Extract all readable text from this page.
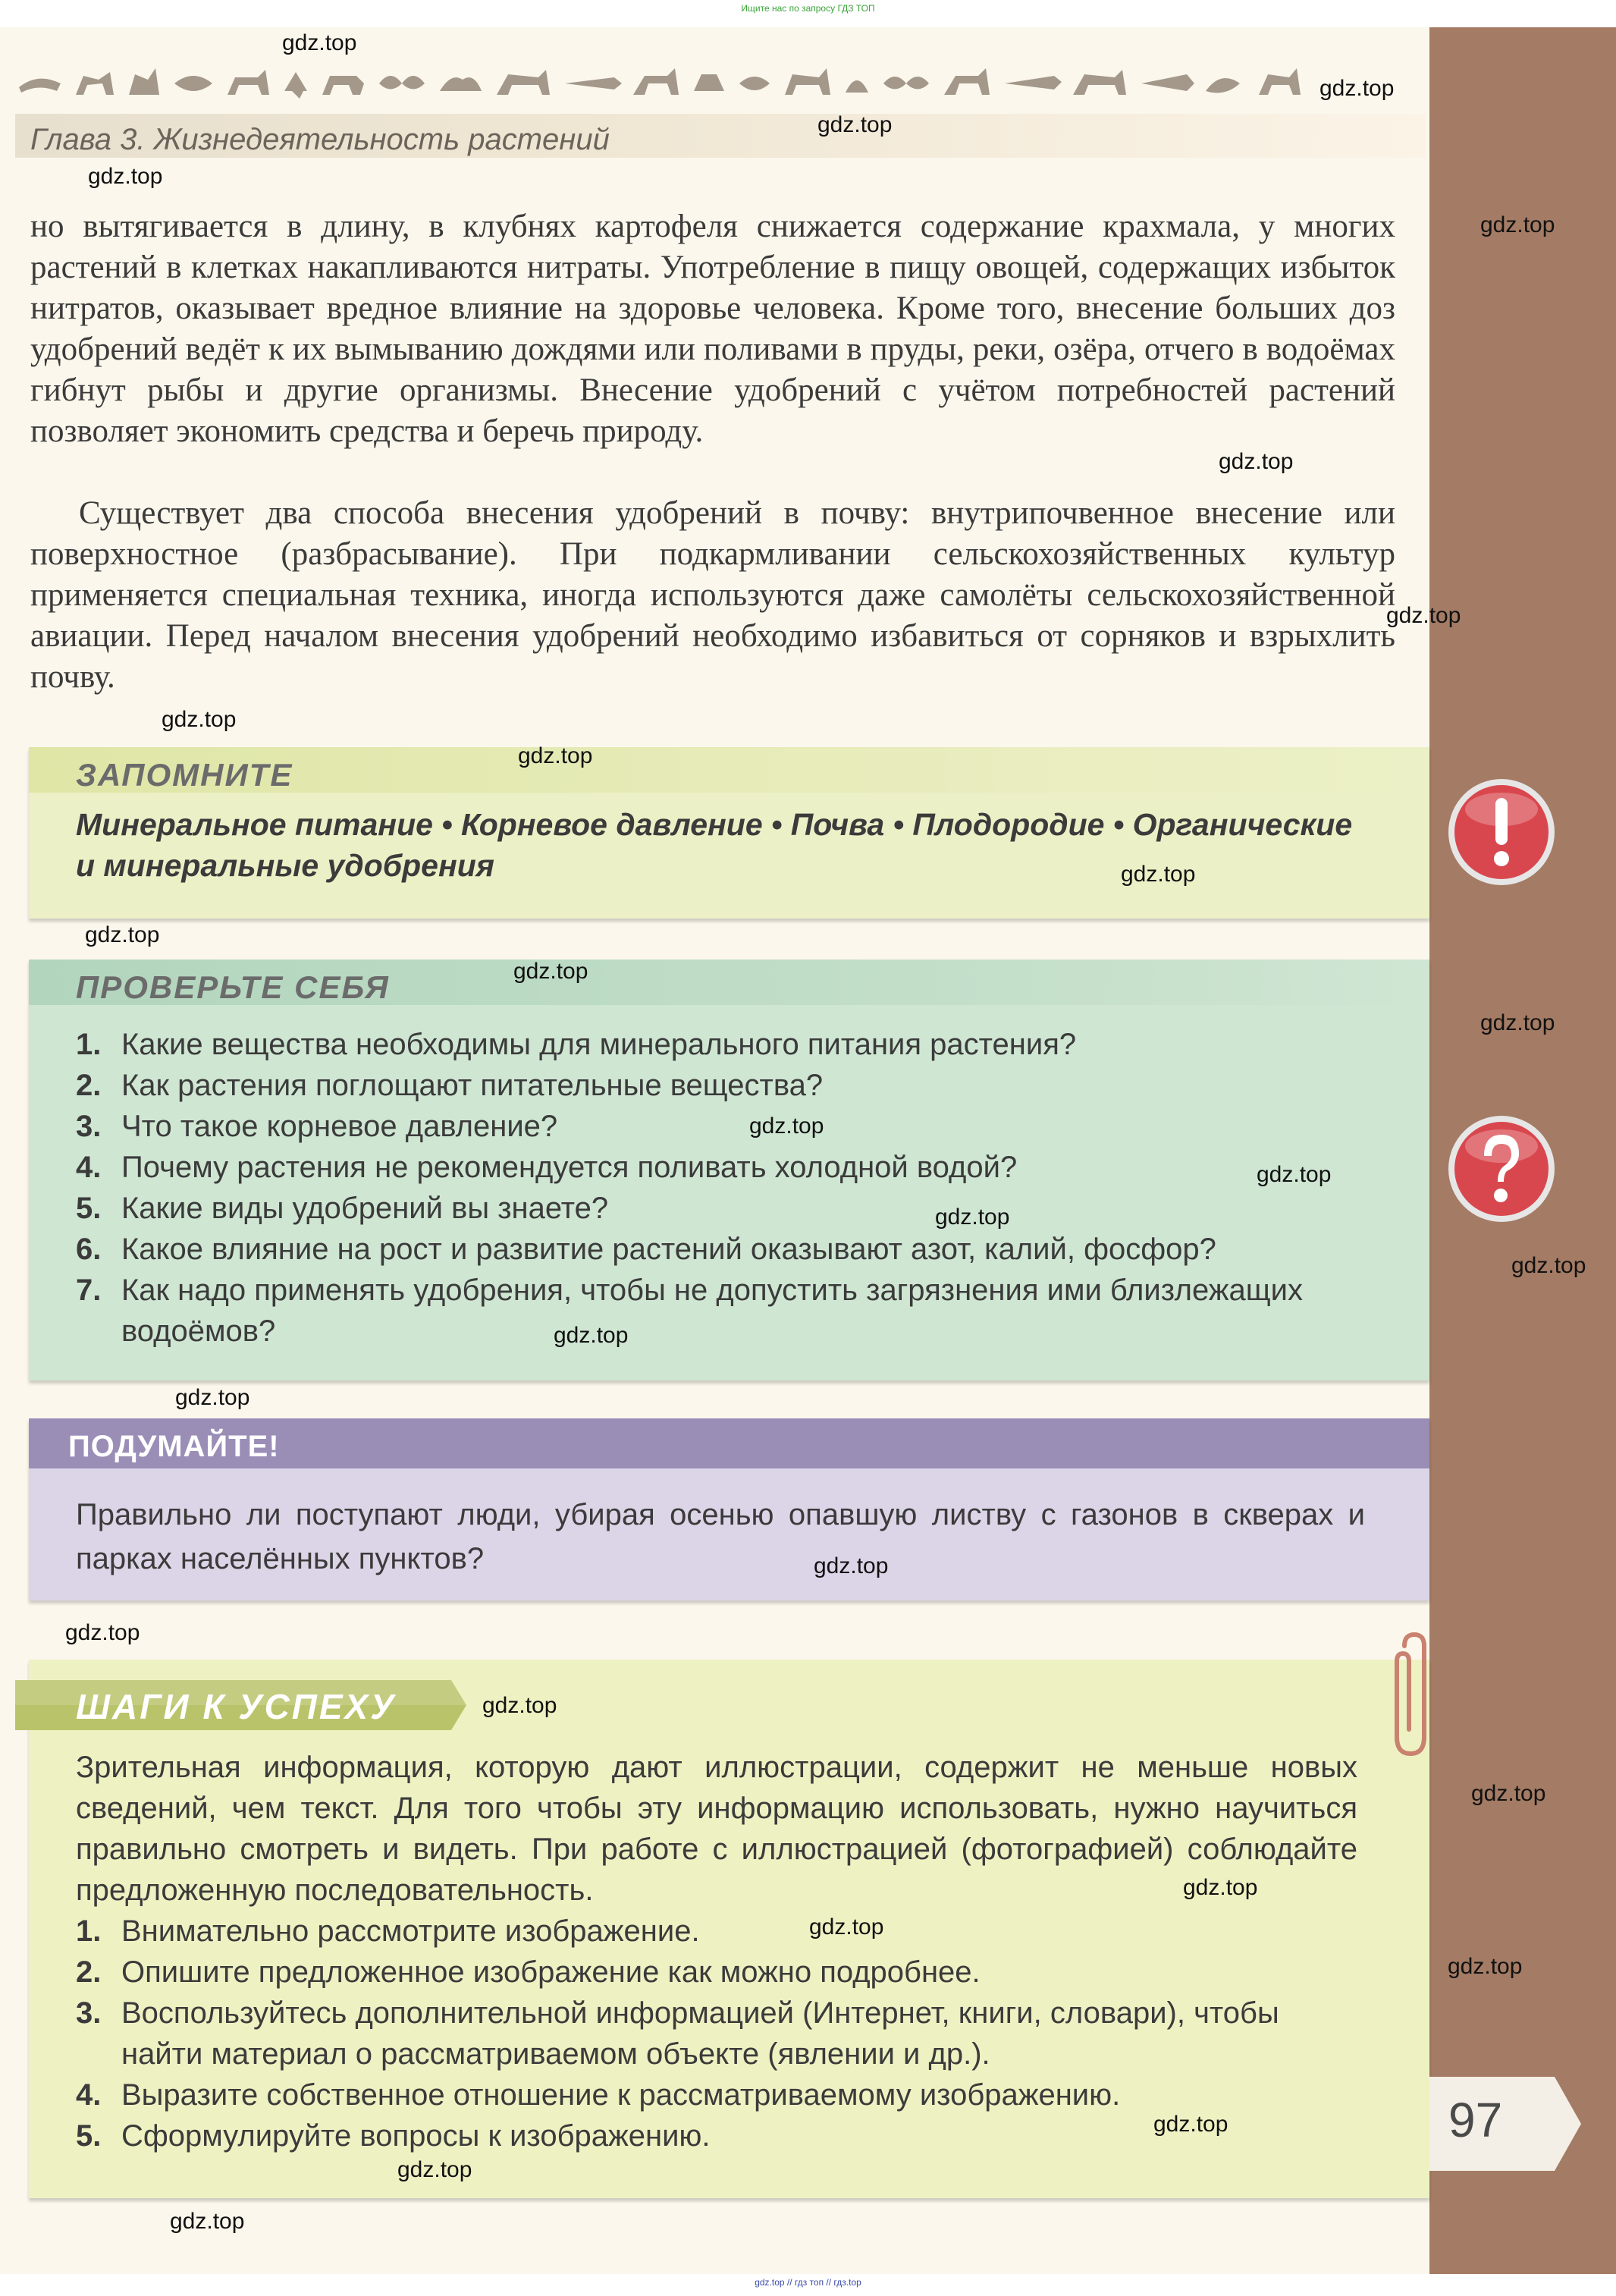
Ищите нас по запросу ГДЗ ТОП
Глава 3. Жизнедеятельность растений

но вытягивается в длину, в клубнях картофеля снижается содержание крахмала, у многих растений в клетках накапливаются нитраты. Употребление в пищу овощей, содержащих избыток нитратов, оказывает вредное влияние на здоровье человека. Кроме того, внесение больших доз удобрений ведёт к их вымыванию дождями или поливами в пруды, реки, озёра, отчего в водоёмах гибнут рыбы и другие организмы. Внесение удобрений с учётом потребностей растений позволяет экономить средства и беречь природу.

Существует два способа внесения удобрений в почву: внутрипочвенное внесение или поверхностное (разбрасывание). При подкармливании сельскохозяйственных культур применяется специальная техника, иногда используются даже самолёты сельскохозяйственной авиации. Перед началом внесения удобрений необходимо избавиться от сорняков и взрыхлить почву.

ЗАПОМНИТЕ

Минеральное питание • Корневое давление • Почва • Плодородие • Органические и минеральные удобрения

ПРОВЕРЬТЕ СЕБЯ
1. Какие вещества необходимы для минерального питания растения?
2. Как растения поглощают питательные вещества?
3. Что такое корневое давление?
4. Почему растения не рекомендуется поливать холодной водой?
5. Какие виды удобрений вы знаете?
6. Какое влияние на рост и развитие растений оказывают азот, калий, фосфор?
7. Как надо применять удобрения, чтобы не допустить загрязнения ими близлежащих водоёмов?
ПОДУМАЙТЕ!

Правильно ли поступают люди, убирая осенью опавшую листву с газонов в скверах и парках населённых пунктов?

ШАГИ К УСПЕХУ

Зрительная информация, которую дают иллюстрации, содержит не меньше новых сведений, чем текст. Для того чтобы эту информацию использовать, нужно научиться правильно смотреть и видеть. При работе с иллюстрацией (фотографией) соблюдайте предложенную последовательность.

1. Внимательно рассмотрите изображение.
2. Опишите предложенное изображение как можно подробнее.
3. Воспользуйтесь дополнительной информацией (Интернет, книги, словари), чтобы найти материал о рассматриваемом объекте (явлении и др.).
4. Выразите собственное отношение к рассматриваемому изображению.
5. Сформулируйте вопросы к изображению.	97
gdz.top
gdz.top
gdz.top
gdz.top
gdz.top
gdz.top
gdz.top
gdz.top
gdz.top
gdz.top
gdz.top
gdz.top
gdz.top
gdz.top
gdz.top
gdz.top
gdz.top
gdz.top
gdz.top
gdz.top
gdz.top
gdz.top
gdz.top
gdz.top
gdz.top
gdz.top
gdz.top
gdz.top
gdz.top
gdz.top // гдз топ // гдз.top
